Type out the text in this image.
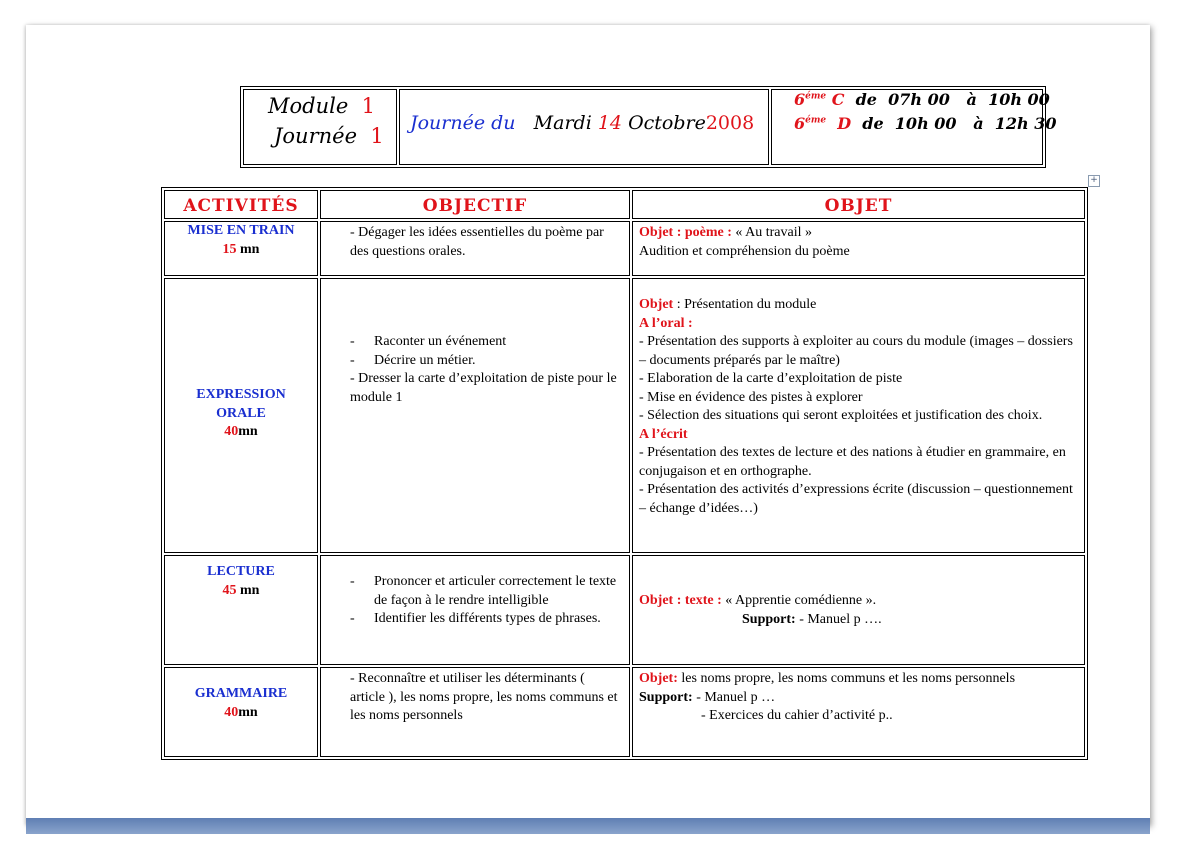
Module 1
Journée 1
Journée du Mardi 14 Octobre2008
$6^{éme}$ C de 07h 00 à 10h 00
$6^{éme}$ D de 10h 00 à 12h 30
+
ACTIVITÉS	OBJECTIF	OBJET
MISE EN TRAIN
15 mn
- Dégager les idées essentielles du poème par des questions orales.
Objet : poème : « Au travail »
Audition et compréhension du poème
EXPRESSION
ORALE
40mn
- Raconter un événement
- Décrire un métier.
- Dresser la carte d’exploitation de piste pour le module 1
Objet : Présentation du module
A l’oral :
- Présentation des supports à exploiter au cours du module (images – dossiers – documents préparés par le maître)
- Elaboration de la carte d’exploitation de piste
- Mise en évidence des pistes à explorer
- Sélection des situations qui seront exploitées et justification des choix.
A l’écrit
- Présentation des textes de lecture et des nations à étudier en grammaire, en conjugaison et en orthographe.
- Présentation des activités d’expressions écrite (discussion – questionnement – échange d’idées…)
LECTURE
45 mn
- Prononcer et articuler correctement le texte de façon à le rendre intelligible
- Identifier les différents types de phrases.
Objet : texte : « Apprentie comédienne ».
Support: - Manuel p ….
GRAMMAIRE
40mn
- Reconnaître et utiliser les déterminants ( article ), les noms propre, les noms communs et les noms personnels
Objet: les noms propre, les noms communs et les noms personnels
Support: - Manuel p …
- Exercices du cahier d’activité p..
